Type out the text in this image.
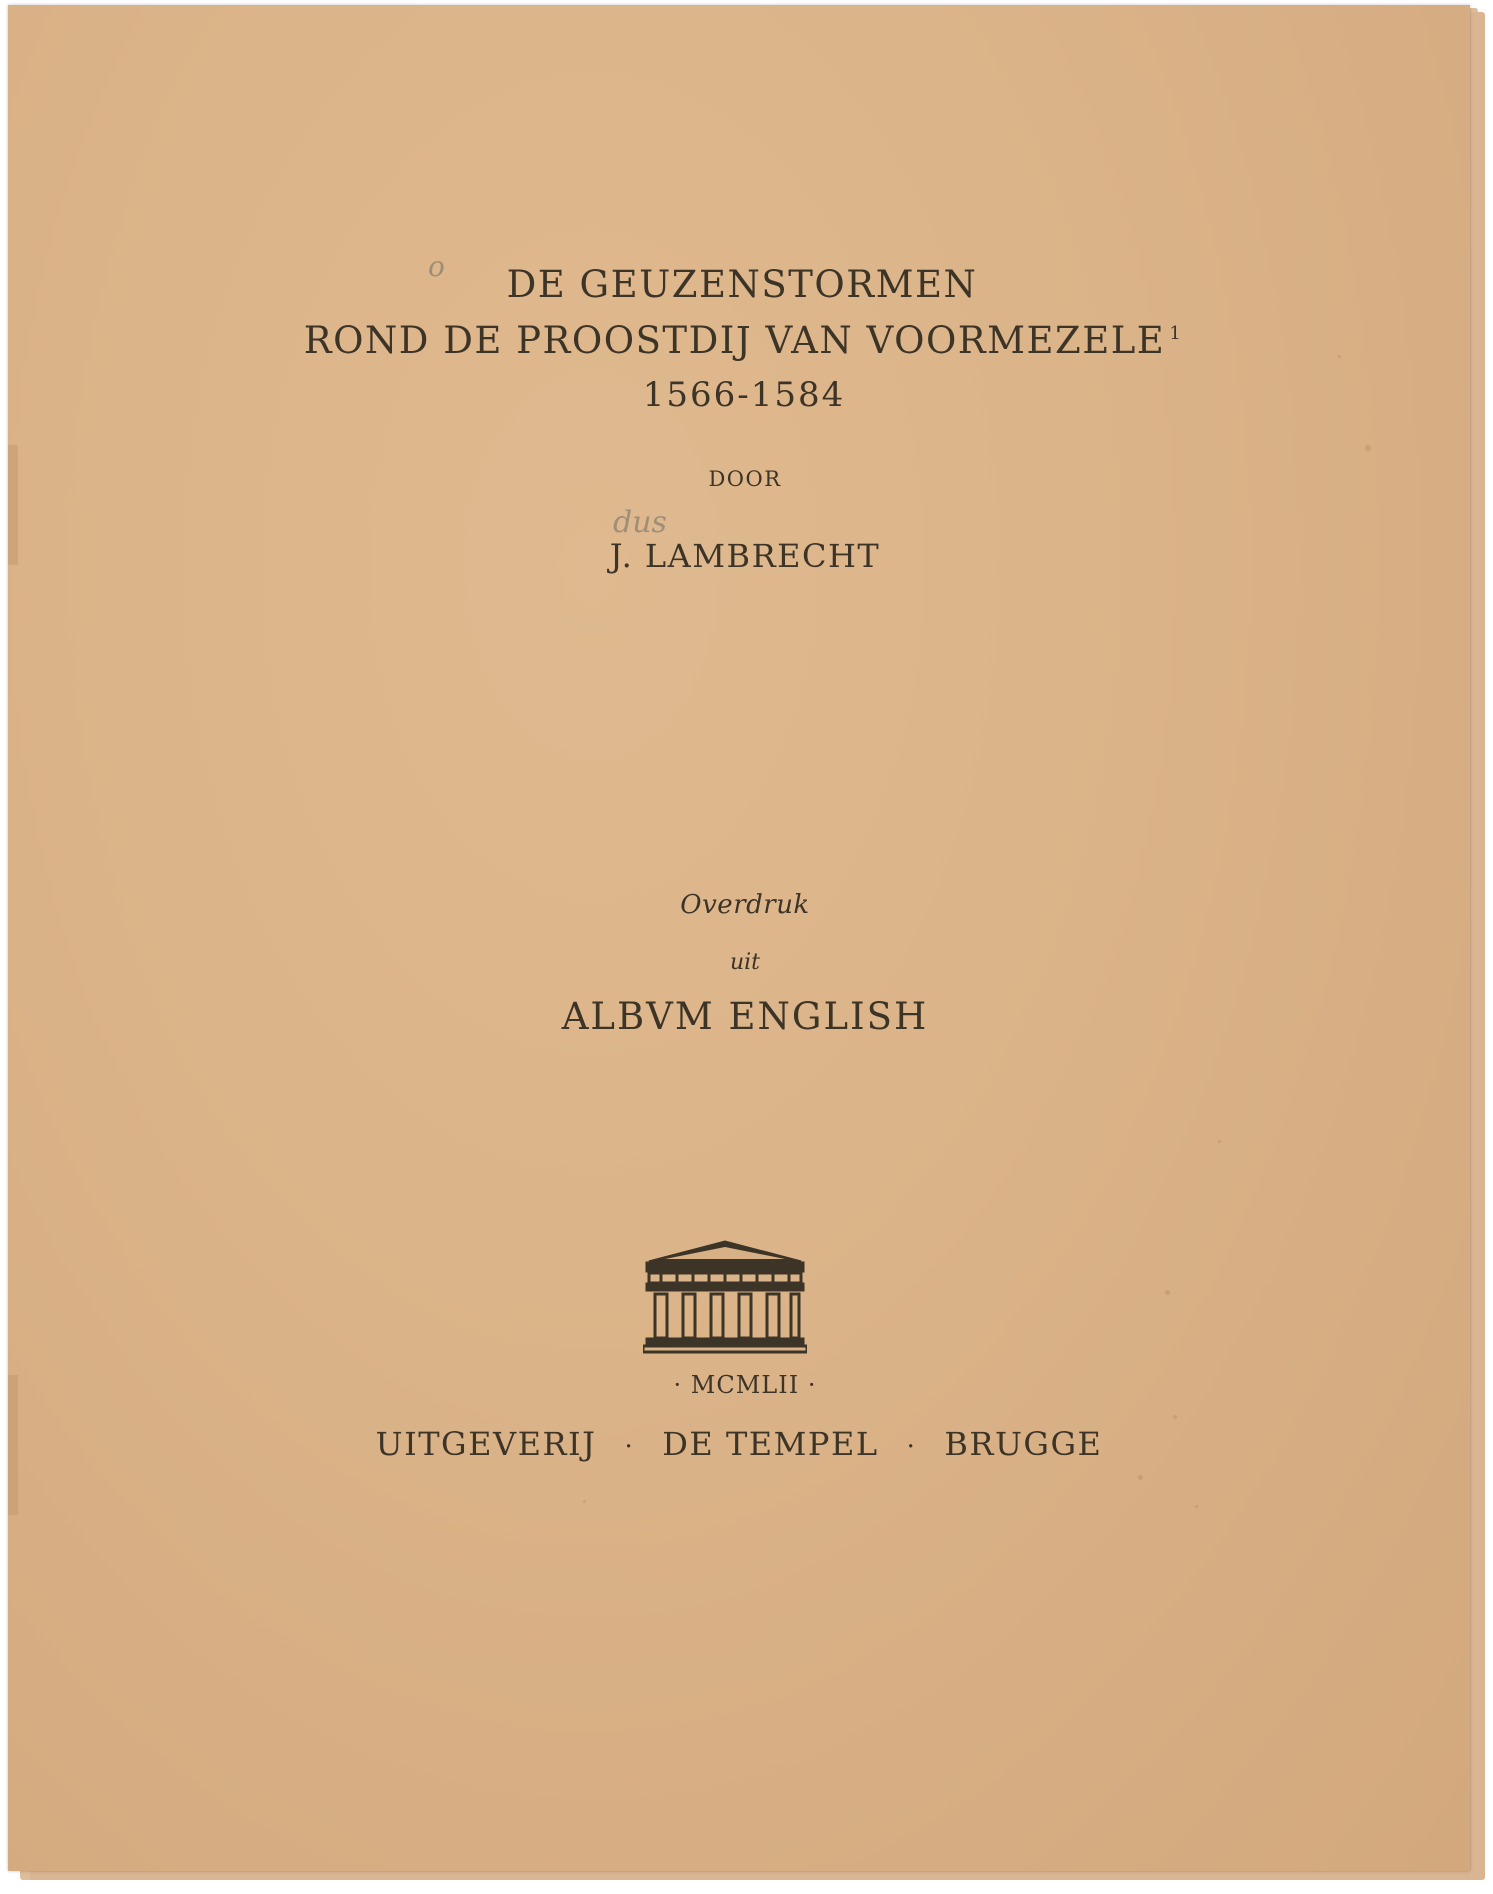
o
dus
DE GEUZENSTORMEN
ROND DE PROOSTDIJ VAN VOORMEZELE $^1$
1566-1584
DOOR
J. LAMBRECHT
Overdruk
uit
ALBVM ENGLISH
· MCMLII ·
UITGEVERIJ · DE TEMPEL · BRUGGE
